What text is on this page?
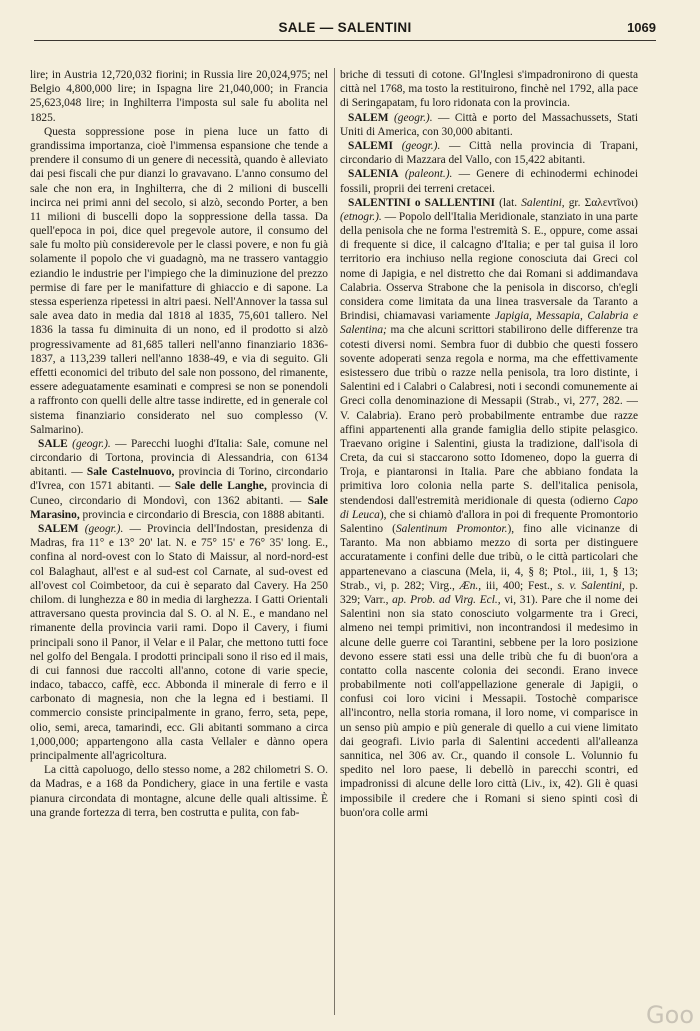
SALE — SALENTINI	1069

lire; in Austria 12,720,032 fiorini; in Russia lire 20,024,975; nel Belgio 4,800,000 lire; in Ispagna lire 21,040,000; in Francia 25,623,048 lire; in Inghilterra l'imposta sul sale fu abolita nel 1825.

Questa soppressione pose in piena luce un fatto di grandissima importanza, cioè l'immensa espansione che tende a prendere il consumo di un genere di necessità, quando è alleviato dai pesi fiscali che pur dianzi lo gravavano. L'anno consumo del sale che non era, in Inghilterra, che di 2 milioni di buscelli incirca nei primi anni del secolo, si alzò, secondo Porter, a ben 11 milioni di buscelli dopo la soppressione della tassa. Da quell'epoca in poi, dice quel pregevole autore, il consumo del sale fu molto più considerevole per le classi povere, e non fu già solamente il popolo che vi guadagnò, ma ne trassero vantaggio eziandio le industrie per l'impiego che la diminuzione del prezzo permise di fare per le manifatture di ghiaccio e di sapone. La stessa esperienza ripetessi in altri paesi. Nell'Annover la tassa sul sale avea dato in media dal 1818 al 1835, 75,601 tallero. Nel 1836 la tassa fu diminuita di un nono, ed il prodotto si alzò progressivamente ad 81,685 talleri nell'anno finanziario 1836-1837, a 113,239 talleri nell'anno 1838-49, e via di seguito. Gli effetti economici del tributo del sale non possono, del rimanente, essere adeguatamente esaminati e compresi se non se ponendoli a raffronto con quelli delle altre tasse indirette, ed in generale col sistema finanziario considerato nel suo complesso (V. Salmarino).

SALE (geogr.). — Parecchi luoghi d'Italia: Sale, comune nel circondario di Tortona, provincia di Alessandria, con 6134 abitanti. — Sale Castelnuovo, provincia di Torino, circondario d'Ivrea, con 1571 abitanti. — Sale delle Langhe, provincia di Cuneo, circondario di Mondovì, con 1362 abitanti. — Sale Marasino, provincia e circondario di Brescia, con 1888 abitanti.

SALEM (geogr.). — Provincia dell'Indostan, presidenza di Madras, fra 11° e 13° 20' lat. N. e 75° 15' e 76° 35' long. E., confina al nord-ovest con lo Stato di Maissur, al nord-nord-est col Balaghaut, all'est e al sud-est col Carnate, al sud-ovest ed all'ovest col Coimbetoor, da cui è separato dal Cavery. Ha 250 chilom. di lunghezza e 80 in media di larghezza. I Gatti Orientali attraversano questa provincia dal S. O. al N. E., e mandano nel rimanente della provincia varii rami. Dopo il Cavery, i fiumi principali sono il Panor, il Velar e il Palar, che mettono tutti foce nel golfo del Bengala. I prodotti principali sono il riso ed il mais, di cui fannosi due raccolti all'anno, cotone di varie specie, indaco, tabacco, caffè, ecc. Abbonda il minerale di ferro e il carbonato di magnesia, non che la legna ed i bestiami. Il commercio consiste principalmente in grano, ferro, seta, pepe, olio, semi, areca, tamarindi, ecc. Gli abitanti sommano a circa 1,000,000; appartengono alla casta Vellaler e dànno opera principalmente all'agricoltura.

La città capoluogo, dello stesso nome, a 282 chilometri S. O. da Madras, e a 168 da Pondichery, giace in una fertile e vasta pianura circondata di montagne, alcune delle quali altissime. È una grande fortezza di terra, ben costrutta e pulita, con fab-

briche di tessuti di cotone. Gl'Inglesi s'impadronirono di questa città nel 1768, ma tosto la restituirono, finchè nel 1792, alla pace di Seringapatam, fu loro ridonata con la provincia.

SALEM (geogr.). — Città e porto del Massachussets, Stati Uniti di America, con 30,000 abitanti.

SALEMI (geogr.). — Città nella provincia di Trapani, circondario di Mazzara del Vallo, con 15,422 abitanti.

SALENIA (paleont.). — Genere di echinodermi echinodei fossili, proprii dei terreni cretacei.

SALENTINI o SALLENTINI (lat. Salentini, gr. Σαλεντῖνοι) (etnogr.). — Popolo dell'Italia Meridionale, stanziato in una parte della penisola che ne forma l'estremità S. E., oppure, come assai di frequente si dice, il calcagno d'Italia; e per tal guisa il loro territorio era inchiuso nella regione conosciuta dai Greci col nome di Japigia, e nel distretto che dai Romani si addimandava Calabria. Osserva Strabone che la penisola in discorso, ch'egli considera come limitata da una linea trasversale da Taranto a Brindisi, chiamavasi variamente Japigia, Messapia, Calabria e Salentina; ma che alcuni scrittori stabilirono delle differenze tra cotesti diversi nomi. Sembra fuor di dubbio che questi fossero sovente adoperati senza regola e norma, ma che effettivamente esistessero due tribù o razze nella penisola, tra loro distinte, i Salentini ed i Calabri o Calabresi, noti i secondi comunemente ai Greci colla denominazione di Messapii (Strab., vi, 277, 282. — V. Calabria). Erano però probabilmente entrambe due razze affini appartenenti alla grande famiglia dello stipite pelasgico. Traevano origine i Salentini, giusta la tradizione, dall'isola di Creta, da cui si staccarono sotto Idomeneo, dopo la guerra di Troja, e piantaronsi in Italia. Pare che abbiano fondata la primitiva loro colonia nella parte S. dell'italica penisola, stendendosi dall'estremità meridionale di questa (odierno Capo di Leuca), che si chiamò d'allora in poi di frequente Promontorio Salentino (Salentinum Promontor.), fino alle vicinanze di Taranto. Ma non abbiamo mezzo di sorta per distinguere accuratamente i confini delle due tribù, o le città particolari che appartenevano a ciascuna (Mela, ii, 4, § 8; Ptol., iii, 1, § 13; Strab., vi, p. 282; Virg., Æn., iii, 400; Fest., s. v. Salentini, p. 329; Varr., ap. Prob. ad Virg. Ecl., vi, 31). Pare che il nome dei Salentini non sia stato conosciuto volgarmente tra i Greci, almeno nei tempi primitivi, non incontrandosi il medesimo in alcune delle guerre coi Tarantini, sebbene per la loro posizione devono essere stati essi una delle tribù che fu di buon'ora a contatto colla nascente colonia dei secondi. Erano invece probabilmente noti coll'appellazione generale di Japigii, o confusi coi loro vicini i Messapii. Tostochè comparisce all'incontro, nella storia romana, il loro nome, vi comparisce in un senso più ampio e più generale di quello a cui viene limitato dai geografi. Livio parla di Salentini accedenti all'alleanza sannitica, nel 306 av. Cr., quando il console L. Volunnio fu spedito nel loro paese, li debellò in parecchi scontri, ed impadronissi di alcune delle loro città (Liv., ix, 42). Gli è quasi impossibile il credere che i Romani si sieno spinti così di buon'ora colle armi

Goo
